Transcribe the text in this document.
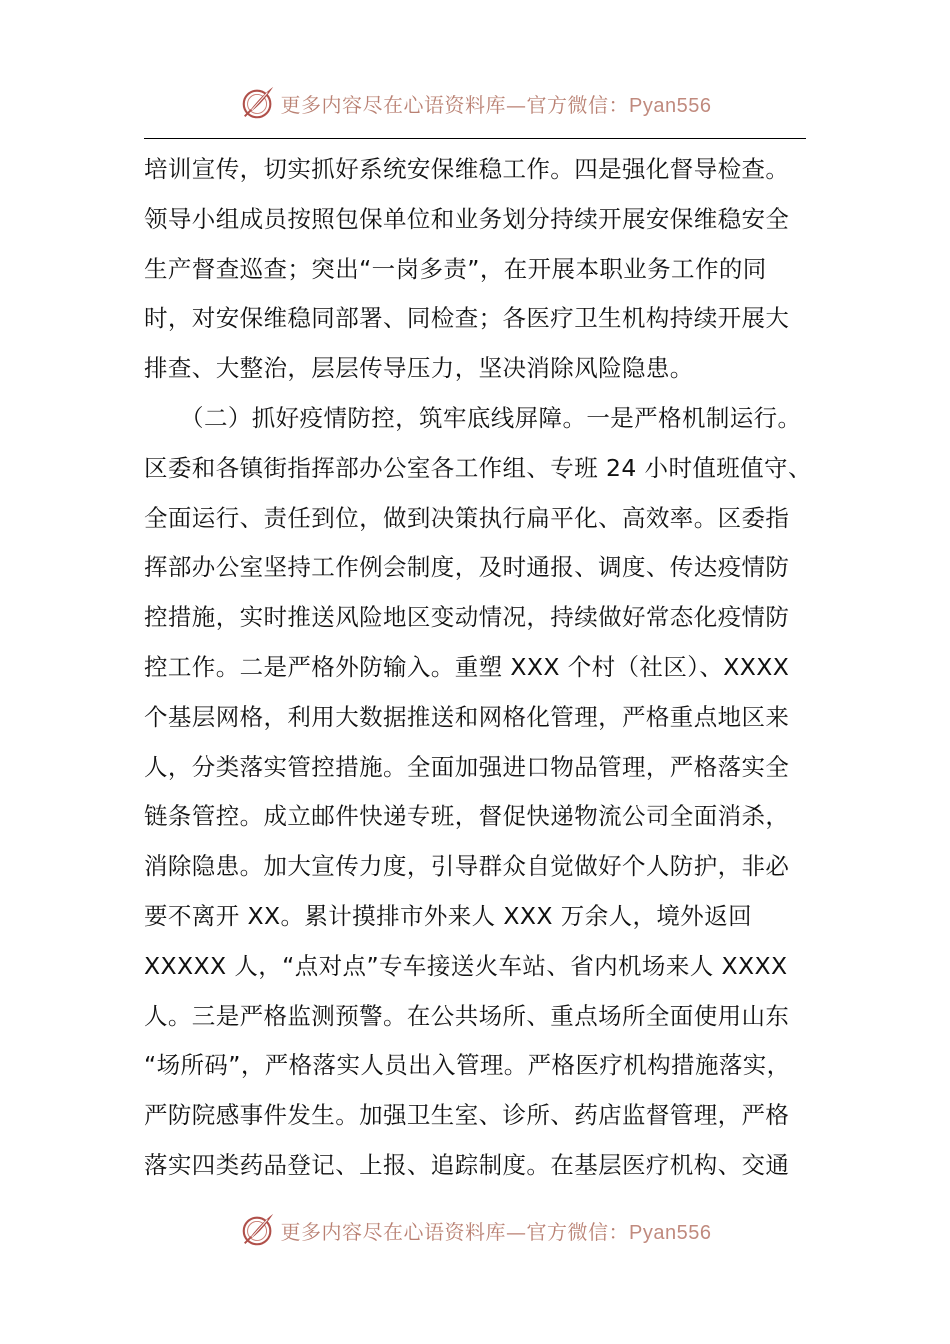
更多内容尽在心语资料库—官方微信：Pyan556
培训宣传，切实抓好系统安保维稳工作。四是强化督导检查。
领导小组成员按照包保单位和业务划分持续开展安保维稳安全
生产督查巡查；突出“一岗多责”，在开展本职业务工作的同
时，对安保维稳同部署、同检查；各医疗卫生机构持续开展大
排查、大整治，层层传导压力，坚决消除风险隐患。
　　（二）抓好疫情防控，筑牢底线屏障。一是严格机制运行。
区委和各镇街指挥部办公室各工作组、专班 24 小时值班值守、
全面运行、责任到位，做到决策执行扁平化、高效率。区委指
挥部办公室坚持工作例会制度，及时通报、调度、传达疫情防
控措施，实时推送风险地区变动情况，持续做好常态化疫情防
控工作。二是严格外防输入。重塑 XXX 个村（社区）、XXXX
个基层网格，利用大数据推送和网格化管理，严格重点地区来
人，分类落实管控措施。全面加强进口物品管理，严格落实全
链条管控。成立邮件快递专班，督促快递物流公司全面消杀，
消除隐患。加大宣传力度，引导群众自觉做好个人防护，非必
要不离开 XX。累计摸排市外来人 XXX 万余人，境外返回
XXXXX 人，“点对点”专车接送火车站、省内机场来人 XXXX
人。三是严格监测预警。在公共场所、重点场所全面使用山东
“场所码”，严格落实人员出入管理。严格医疗机构措施落实，
严防院感事件发生。加强卫生室、诊所、药店监督管理，严格
落实四类药品登记、上报、追踪制度。在基层医疗机构、交通
更多内容尽在心语资料库—官方微信：Pyan556
